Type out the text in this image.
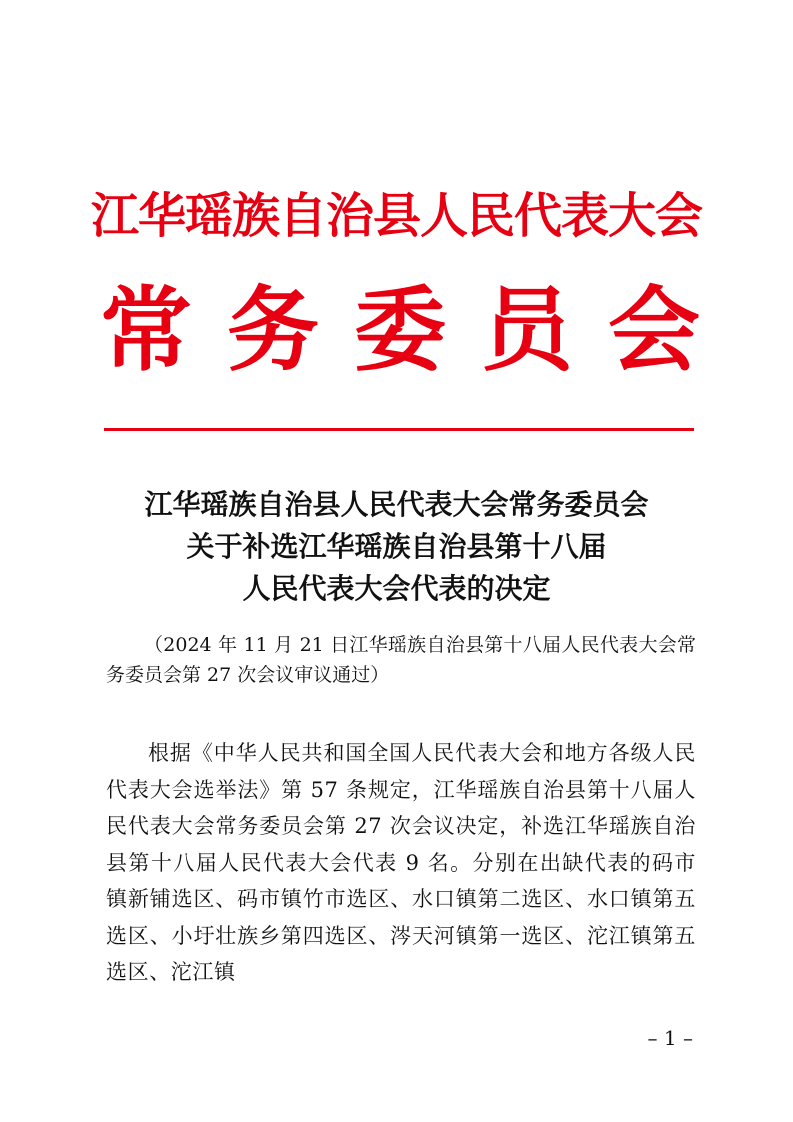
江华瑶族自治县人民代表大会
常 务 委 员 会
江华瑶族自治县人民代表大会常务委员会
关于补选江华瑶族自治县第十八届
人民代表大会代表的决定
（2024 年 11 月 21 日江华瑶族自治县第十八届人民代表大会常务委员会第 27 次会议审议通过）
根据《中华人民共和国全国人民代表大会和地方各级人民代表大会选举法》第 57 条规定，江华瑶族自治县第十八届人民代表大会常务委员会第 27 次会议决定，补选江华瑶族自治县第十八届人民代表大会代表 9 名。分别在出缺代表的码市镇新铺选区、码市镇竹市选区、水口镇第二选区、水口镇第五选区、小圩壮族乡第四选区、涔天河镇第一选区、沱江镇第五选区、沱江镇
– 1 –
